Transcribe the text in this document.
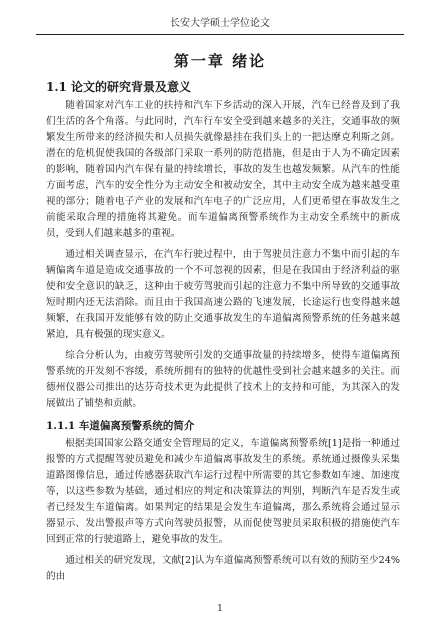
长安大学硕士学位论文
第一章 绪论
1.1 论文的研究背景及意义

随着国家对汽车工业的扶持和汽车下乡活动的深入开展，汽车已经普及到了我们生活的各个角落。与此同时，汽车行车安全受到越来越多的关注，交通事故的频繁发生所带来的经济损失和人员损失就像悬挂在我们头上的一把达摩克利斯之剑。潜在的危机促使我国的各级部门采取一系列的防范措施，但是由于人为不确定因素的影响，随着国内汽车保有量的持续增长，事故的发生也越发频繁。从汽车的性能方面考虑，汽车的安全性分为主动安全和被动安全，其中主动安全成为越来越受重视的部分；随着电子产业的发展和汽车电子的广泛应用，人们更希望在事故发生之前能采取合理的措施将其避免。而车道偏离预警系统作为主动安全系统中的新成员，受到人们越来越多的重视。

通过相关调查显示，在汽车行驶过程中，由于驾驶员注意力不集中而引起的车辆偏离车道是造成交通事故的一个不可忽视的因素，但是在我国由于经济利益的驱使和安全意识的缺乏，这种由于疲劳驾驶而引起的注意力不集中所导致的交通事故短时期内还无法消除。而且由于我国高速公路的飞速发展，长途运行也变得越来越频繁，在我国开发能够有效的防止交通事故发生的车道偏离预警系统的任务越来越紧迫，具有极强的现实意义。

综合分析认为，由疲劳驾驶所引发的交通事故量的持续增多，使得车道偏离预警系统的开发刻不容缓，系统所拥有的独特的优越性受到社会越来越多的关注。而德州仪器公司推出的达芬奇技术更为此提供了技术上的支持和可能，为其深入的发展做出了铺垫和贡献。

1.1.1 车道偏离预警系统的简介

根据美国国家公路交通安全管理局的定义，车道偏离预警系统[1]是指一种通过报警的方式提醒驾驶员避免和减少车道偏离事故发生的系统。系统通过摄像头采集道路图像信息，通过传感器获取汽车运行过程中所需要的其它参数如车速、加速度等，以这些参数为基础，通过相应的判定和决策算法的判别，判断汽车是否发生或者已经发生车道偏离。如果判定的结果是会发生车道偏离，那么系统将会通过显示器显示、发出警报声等方式向驾驶员报警，从而促使驾驶员采取积极的措施使汽车回到正常的行驶道路上，避免事故的发生。

通过相关的研究发现，文献[2]认为车道偏离预警系统可以有效的预防至少24%的由

1
